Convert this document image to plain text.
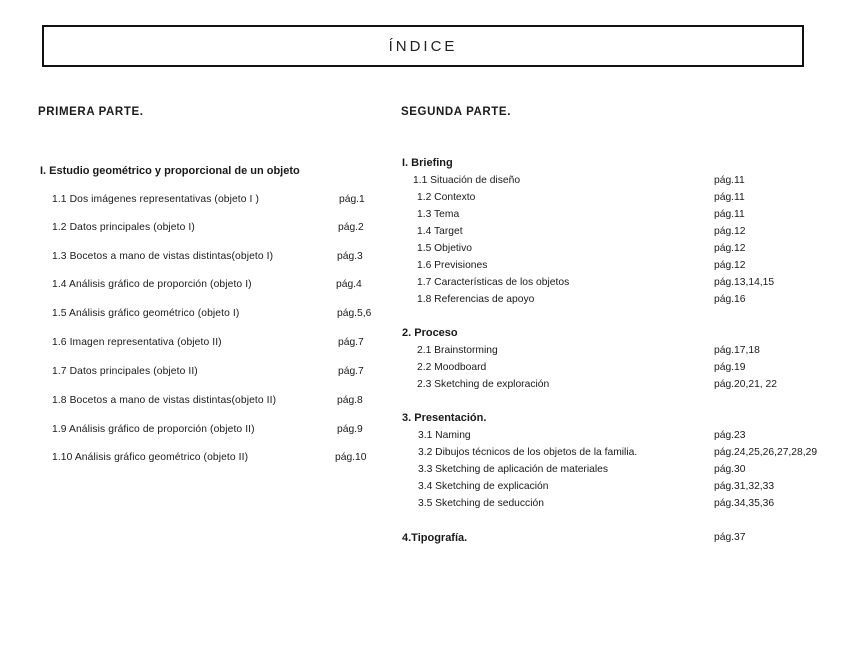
ÍNDICE
PRIMERA PARTE.	SEGUNDA PARTE.
I. Estudio geométrico y proporcional de un objeto
1.1 Dos imágenes representativas (objeto I )	pág.1
1.2 Datos principales (objeto I)	pág.2
1.3 Bocetos a mano de vistas distintas(objeto I)	pág.3
1.4 Análisis gráfico de proporción (objeto I)	pág.4
1.5 Análisis gráfico geométrico (objeto I)	pág.5,6
1.6 Imagen representativa (objeto II)	pág.7
1.7 Datos principales (objeto II)	pág.7
1.8 Bocetos a mano de vistas distintas(objeto II)	pág.8
1.9 Análisis gráfico de proporción (objeto II)	pág.9
1.10 Análisis gráfico geométrico (objeto II)	pág.10
I. Briefing
1.1 Situación de diseño	pág.11
1.2 Contexto	pág.11
1.3 Tema	pág.11
1.4 Target	pág.12
1.5 Objetivo	pág.12
1.6 Previsiones	pág.12
1.7 Características de los objetos	pág.13,14,15
1.8 Referencias de apoyo	pág.16
2. Proceso
2.1 Brainstorming	pág.17,18
2.2 Moodboard	pág.19
2.3 Sketching de exploración	pág.20,21, 22
3. Presentación.
3.1 Naming	pág.23
3.2 Dibujos técnicos de los objetos de la familia.	pág.24,25,26,27,28,29
3.3 Sketching de aplicación de materiales	pág.30
3.4 Sketching de explicación	pág.31,32,33
3.5 Sketching de seducción	pág.34,35,36
4.Tipografía.	pág.37
